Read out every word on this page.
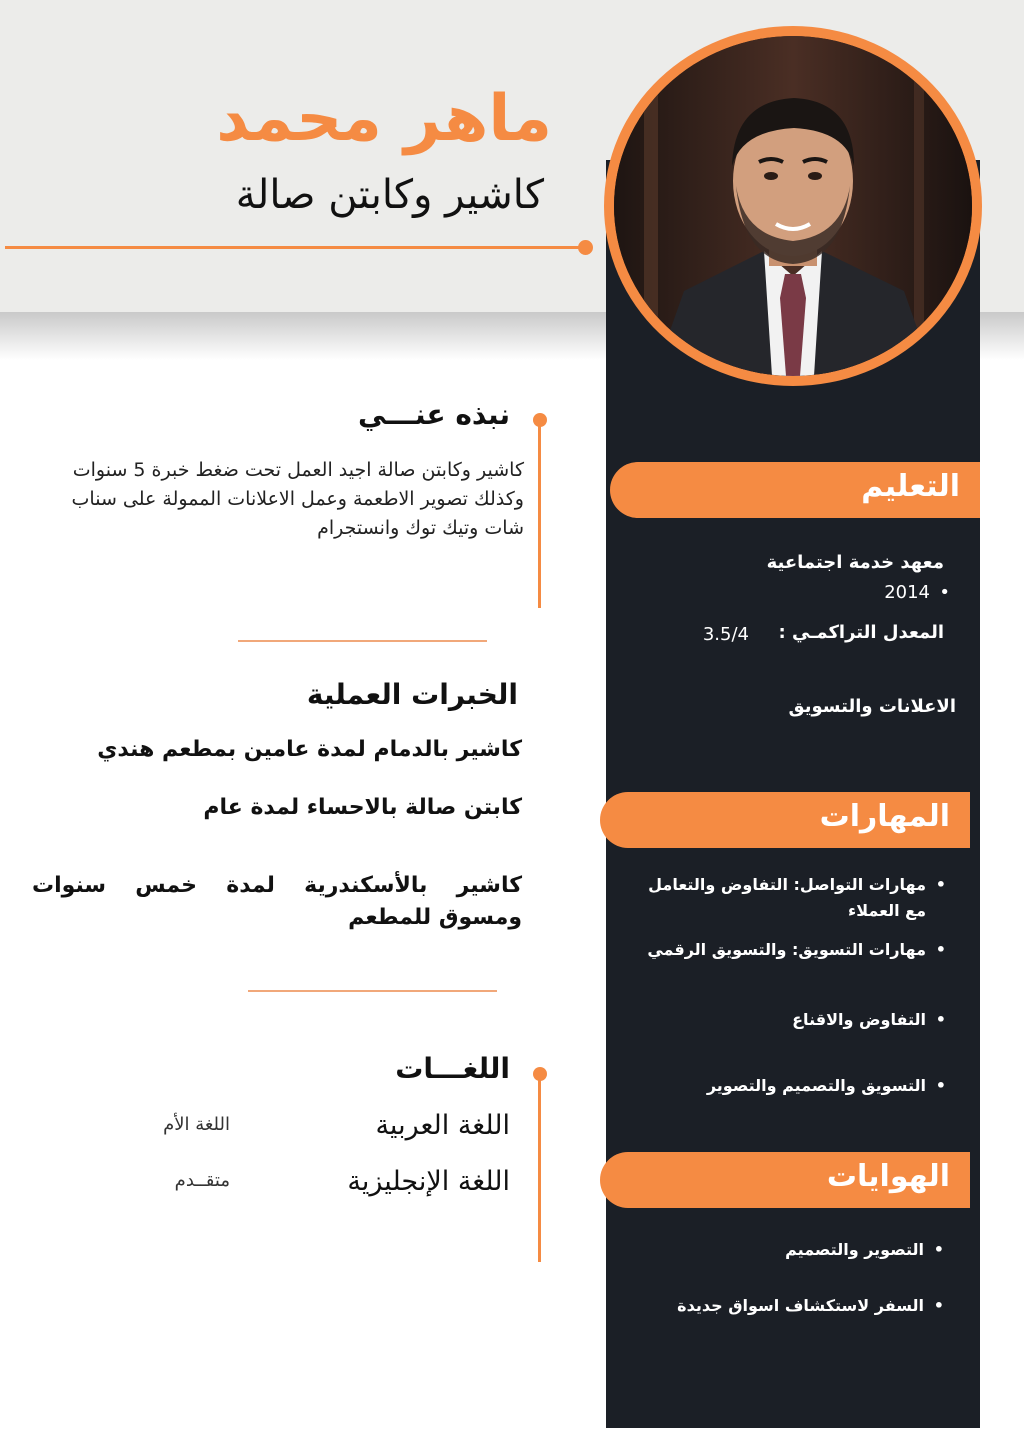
ماهر محمد
كاشير وكابتن صالة
التعليم
معهد خدمة اجتماعية
2014 •
المعدل التراكمـي :
3.5/4
الاعلانات والتسويق
المهارات
مهارات التواصل: التفاوض والتعامل مع العملاء •
مهارات التسويق: والتسويق الرقمي •
التفاوض والاقناع •
التسويق والتصميم والتصوير •
الهوايات
التصوير والتصميم •
السفر لاستكشاف اسواق جديدة •
نبذه عنـــي
كاشير وكابتن صالة اجيد العمل تحت ضغط خبرة 5 سنوات وكذلك تصوير الاطعمة وعمل الاعلانات الممولة على سناب شات وتيك توك وانستجرام
الخبرات العملية
كاشير بالدمام لمدة عامين بمطعم هندي
كابتن صالة بالاحساء لمدة عام
كاشير بالأسكندرية لمدة خمس سنوات ومسوق للمطعم
اللغـــات
اللغة العربية
اللغة الأم
اللغة الإنجليزية
متقــدم
